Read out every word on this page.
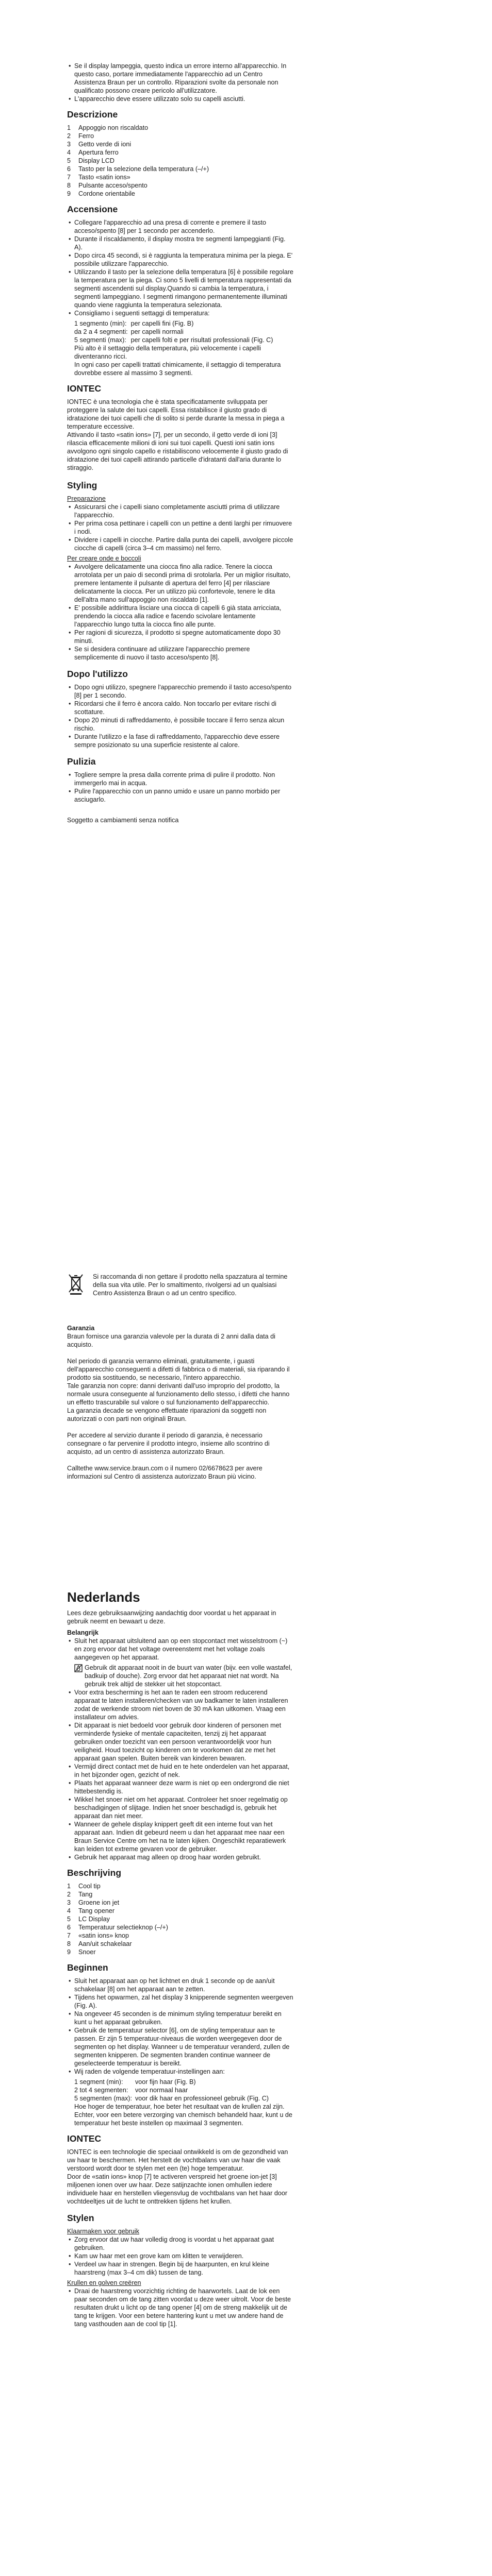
• Se il display lampeggia, questo indica un errore interno all'apparecchio. In questo caso, portare immediatamente l'apparecchio ad un Centro Assistenza Braun per un controllo. Riparazioni svolte da personale non qualificato possono creare pericolo all'utilizzatore.
• L'apparecchio deve essere utilizzato solo su capelli asciutti.
Descrizione
1	Appoggio non riscaldato
2	Ferro
3	Getto verde di ioni
4	Apertura ferro
5	Display LCD
6	Tasto per la selezione della temperatura (–/+)
7	Tasto «satin ions»
8	Pulsante acceso/spento
9	Cordone orientabile
Accensione
• Collegare l'apparecchio ad una presa di corrente e premere il tasto acceso/spento [8] per 1 secondo per accenderlo.
• Durante il riscaldamento, il display mostra tre segmenti lampeggianti (Fig. A).
• Dopo circa 45 secondi, si è raggiunta la temperatura minima per la piega. E' possibile utilizzare l'apparecchio.
• Utilizzando il tasto per la selezione della temperatura [6] è possibile regolare la temperatura per la piega. Ci sono 5 livelli di temperatura rappresentati da segmenti ascendenti sul display.Quando si cambia la temperatura, i segmenti lampeggiano. I segmenti rimangono permanentemente illuminati quando viene raggiunta la temperatura selezionata.
• Consigliamo i seguenti settaggi di temperatura:
1 segmento (min):	per capelli fini (Fig. B)
da 2 a 4 segmenti:	per capelli normali
5 segmenti (max):	per capelli folti e per risultati professionali (Fig. C)

Più alto è il settaggio della temperatura, più velocemente i capelli diventeranno ricci.
In ogni caso per capelli trattati chimicamente, il settaggio di temperatura dovrebbe essere al massimo 3 segmenti.

IONTEC

IONTEC è una tecnologia che è stata specificatamente sviluppata per proteggere la salute dei tuoi capelli. Essa ristabilisce il giusto grado di idratazione dei tuoi capelli che di solito si perde durante la messa in piega a temperature eccessive.
Attivando il tasto «satin ions» [7], per un secondo, il getto verde di ioni [3] rilascia efficacemente milioni di ioni sui tuoi capelli. Questi ioni satin ions avvolgono ogni singolo capello e ristabiliscono velocemente il giusto grado di idratazione dei tuoi capelli attirando particelle d'idratanti dall'aria durante lo stiraggio.

Styling

Preparazione

• Assicurarsi che i capelli siano completamente asciutti prima di utilizzare l'apparecchio.
• Per prima cosa pettinare i capelli con un pettine a denti larghi per rimuovere i nodi.
• Dividere i capelli in ciocche. Partire dalla punta dei capelli, avvolgere piccole ciocche di capelli (circa 3–4 cm massimo) nel ferro.

Per creare onde e boccoli

• Avvolgere delicatamente una ciocca fino alla radice. Tenere la ciocca arrotolata per un paio di secondi prima di srotolarla. Per un miglior risultato, premere lentamente il pulsante di apertura del ferro [4] per rilasciare delicatamente la ciocca. Per un utilizzo più confortevole, tenere le dita dell'altra mano sull'appoggio non riscaldato [1].
• E' possibile addirittura lisciare una ciocca di capelli 6 già stata arricciata, prendendo la ciocca alla radice e facendo scivolare lentamente l'apparecchio lungo tutta la ciocca fino alle punte.
• Per ragioni di sicurezza, il prodotto si spegne automaticamente dopo 30 minuti.
• Se si desidera continuare ad utilizzare l'apparecchio premere semplicemente di nuovo il tasto acceso/spento [8].
Dopo l'utilizzo
• Dopo ogni utilizzo, spegnere l'apparecchio premendo il tasto acceso/spento [8] per 1 secondo.
• Ricordarsi che il ferro è ancora caldo. Non toccarlo per evitare rischi di scottature.
• Dopo 20 minuti di raffreddamento, è possibile toccare il ferro senza alcun rischio.
• Durante l'utilizzo e la fase di raffreddamento, l'apparecchio deve essere sempre posizionato su una superficie resistente al calore.
Pulizia
• Togliere sempre la presa dalla corrente prima di pulire il prodotto. Non immergerlo mai in acqua.
• Pulire l'apparecchio con un panno umido e usare un panno morbido per asciugarlo.

Soggetto a cambiamenti senza notifica

Si raccomanda di non gettare il prodotto nella spazzatura al termine della sua vita utile. Per lo smaltimento, rivolgersi ad un qualsiasi Centro Assistenza Braun o ad un centro specifico.
Garanzia

Braun fornisce una garanzia valevole per la durata di 2 anni dalla data di acquisto.

Nel periodo di garanzia verranno eliminati, gratuitamente, i guasti dell'apparecchio conseguenti a difetti di fabbrica o di materiali, sia riparando il prodotto sia sostituendo, se necessario, l'intero apparecchio.
Tale garanzia non copre: danni derivanti dall'uso improprio del prodotto, la normale usura conseguente al funzionamento dello stesso, i difetti che hanno un effetto trascurabile sul valore o sul funzionamento dell'apparecchio.
La garanzia decade se vengono effettuate riparazioni da soggetti non autorizzati o con parti non originali Braun.

Per accedere al servizio durante il periodo di garanzia, è necessario consegnare o far pervenire il prodotto integro, insieme allo scontrino di acquisto, ad un centro di assistenza autorizzato Braun.

Calltethe www.service.braun.com o il numero 02/6678623 per avere informazioni sul Centro di assistenza autorizzato Braun più vicino.

Nederlands

Lees deze gebruiksaanwijzing aandachtig door voordat u het apparaat in gebruik neemt en bewaart u deze.

Belangrijk
• Sluit het apparaat uitsluitend aan op een stopcontact met wisselstroom (~) en zorg ervoor dat het voltage overeenstemt met het voltage zoals aangegeven op het apparaat.
Gebruik dit apparaat nooit in de buurt van water (bijv. een volle wastafel, badkuip of douche). Zorg ervoor dat het apparaat niet nat wordt. Na gebruik trek altijd de stekker uit het stopcontact.
• Voor extra bescherming is het aan te raden een stroom reducerend apparaat te laten installeren/checken van uw badkamer te laten installeren zodat de werkende stroom niet boven de 30 mA kan uitkomen. Vraag een installateur om advies.
• Dit apparaat is niet bedoeld voor gebruik door kinderen of personen met verminderde fysieke of mentale capaciteiten, tenzij zij het apparaat gebruiken onder toezicht van een persoon verantwoordelijk voor hun veiligheid. Houd toezicht op kinderen om te voorkomen dat ze met het apparaat gaan spelen. Buiten bereik van kinderen bewaren.
• Vermijd direct contact met de huid en te hete onderdelen van het apparaat, in het bijzonder ogen, gezicht of nek.
• Plaats het apparaat wanneer deze warm is niet op een ondergrond die niet hittebestendig is.
• Wikkel het snoer niet om het apparaat. Controleer het snoer regelmatig op beschadigingen of slijtage. Indien het snoer beschadigd is, gebruik het apparaat dan niet meer.
• Wanneer de gehele display knippert geeft dit een interne fout van het apparaat aan. Indien dit gebeurd neem u dan het apparaat mee naar een Braun Service Centre om het na te laten kijken. Ongeschikt reparatiewerk kan leiden tot extreme gevaren voor de gebruiker.
• Gebruik het apparaat mag alleen op droog haar worden gebruikt.
Beschrijving
1	Cool tip
2	Tang
3	Groene ion jet
4	Tang opener
5	LC Display
6	Temperatuur selectieknop (–/+)
7	«satin ions» knop
8	Aan/uit schakelaar
9	Snoer
Beginnen
• Sluit het apparaat aan op het lichtnet en druk 1 seconde op de aan/uit schakelaar [8] om het apparaat aan te zetten.
• Tijdens het opwarmen, zal het display 3 knipperende segmenten weergeven (Fig. A).
• Na ongeveer 45 seconden is de minimum styling temperatuur bereikt en kunt u het apparaat gebruiken.
• Gebruik de temperatuur selector [6], om de styling temperatuur aan te passen. Er zijn 5 temperatuur-niveaus die worden weergegeven door de segmenten op het display. Wanneer u de temperatuur veranderd, zullen de segmenten knipperen. De segmenten branden continue wanneer de geselecteerde temperatuur is bereikt.
• Wij raden de volgende temperatuur-instellingen aan:
1 segment (min):	voor fijn haar (Fig. B)
2 tot 4 segmenten:	voor normaal haar
5 segmenten (max):	voor dik haar en professioneel gebruik (Fig. C)

Hoe hoger de temperatuur, hoe beter het resultaat van de krullen zal zijn.
Echter, voor een betere verzorging van chemisch behandeld haar, kunt u de temperatuur het beste instellen op maximaal 3 segmenten.

IONTEC

IONTEC is een technologie die speciaal ontwikkeld is om de gezondheid van uw haar te beschermen. Het herstelt de vochtbalans van uw haar die vaak verstoord wordt door te stylen met een (te) hoge temperatuur.
Door de «satin ions» knop [7] te activeren verspreid het groene ion-jet [3] miljoenen ionen over uw haar. Deze satijnzachte ionen omhullen iedere individuele haar en herstellen vliegensvlug de vochtbalans van het haar door vochtdeeltjes uit de lucht te onttrekken tijdens het krullen.

Stylen

Klaarmaken voor gebruik

• Zorg ervoor dat uw haar volledig droog is voordat u het apparaat gaat gebruiken.
• Kam uw haar met een grove kam om klitten te verwijderen.
• Verdeel uw haar in strengen. Begin bij de haarpunten, en krul kleine haarstreng (max 3–4 cm dik) tussen de tang.

Krullen en golven creëren

• Draai de haarstreng voorzichtig richting de haarwortels. Laat de lok een paar seconden om de tang zitten voordat u deze weer uitrolt. Voor de beste resultaten drukt u licht op de tang opener [4] om de streng makkelijk uit de tang te krijgen. Voor een betere hantering kunt u met uw andere hand de tang vasthouden aan de cool tip [1].
